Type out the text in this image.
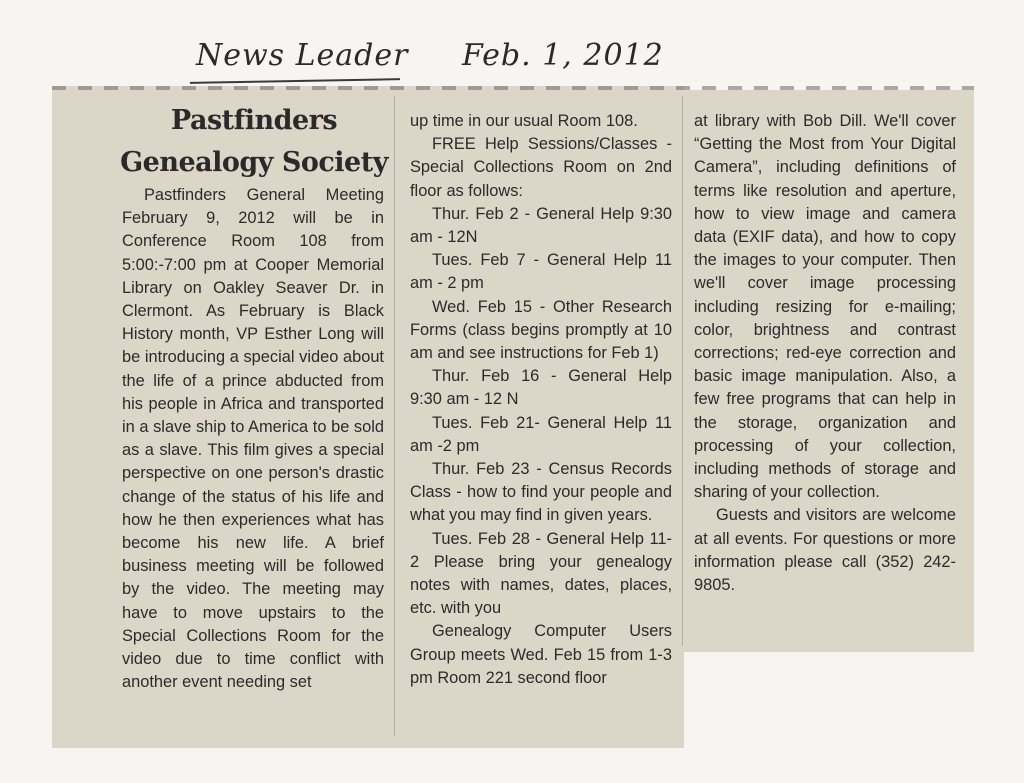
News Leader Feb. 1, 2012
Pastfinders
Genealogy Society

Pastfinders General Meeting February 9, 2012 will be in Conference Room 108 from 5:00:-7:00 pm at Cooper Memorial Library on Oakley Seaver Dr. in Clermont. As February is Black History month, VP Esther Long will be introducing a special video about the life of a prince abducted from his people in Africa and transported in a slave ship to America to be sold as a slave. This film gives a special perspective on one person's drastic change of the status of his life and how he then experiences what has become his new life. A brief business meeting will be followed by the video. The meeting may have to move upstairs to the Special Collections Room for the video due to time conflict with another event needing set

up time in our usual Room 108.

FREE Help Sessions/Classes - Special Collections Room on 2nd floor as follows:

Thur. Feb 2 - General Help 9:30 am - 12N

Tues. Feb 7 - General Help 11 am - 2 pm

Wed. Feb 15 - Other Research Forms (class begins promptly at 10 am and see instructions for Feb 1)

Thur. Feb 16 - General Help 9:30 am - 12 N

Tues. Feb 21- General Help 11 am -2 pm

Thur. Feb 23 - Census Records Class - how to find your people and what you may find in given years.

Tues. Feb 28 - General Help 11-2 Please bring your genealogy notes with names, dates, places, etc. with you

Genealogy Computer Users Group meets Wed. Feb 15 from 1-3 pm Room 221 second floor

at library with Bob Dill. We'll cover “Getting the Most from Your Digital Camera”, including definitions of terms like resolution and aperture, how to view image and camera data (EXIF data), and how to copy the images to your computer. Then we'll cover image processing including resizing for e-mailing; color, brightness and contrast corrections; red-eye correction and basic image manipulation. Also, a few free programs that can help in the storage, organization and processing of your collection, including methods of storage and sharing of your collection.

Guests and visitors are welcome at all events. For questions or more information please call (352) 242-9805.
